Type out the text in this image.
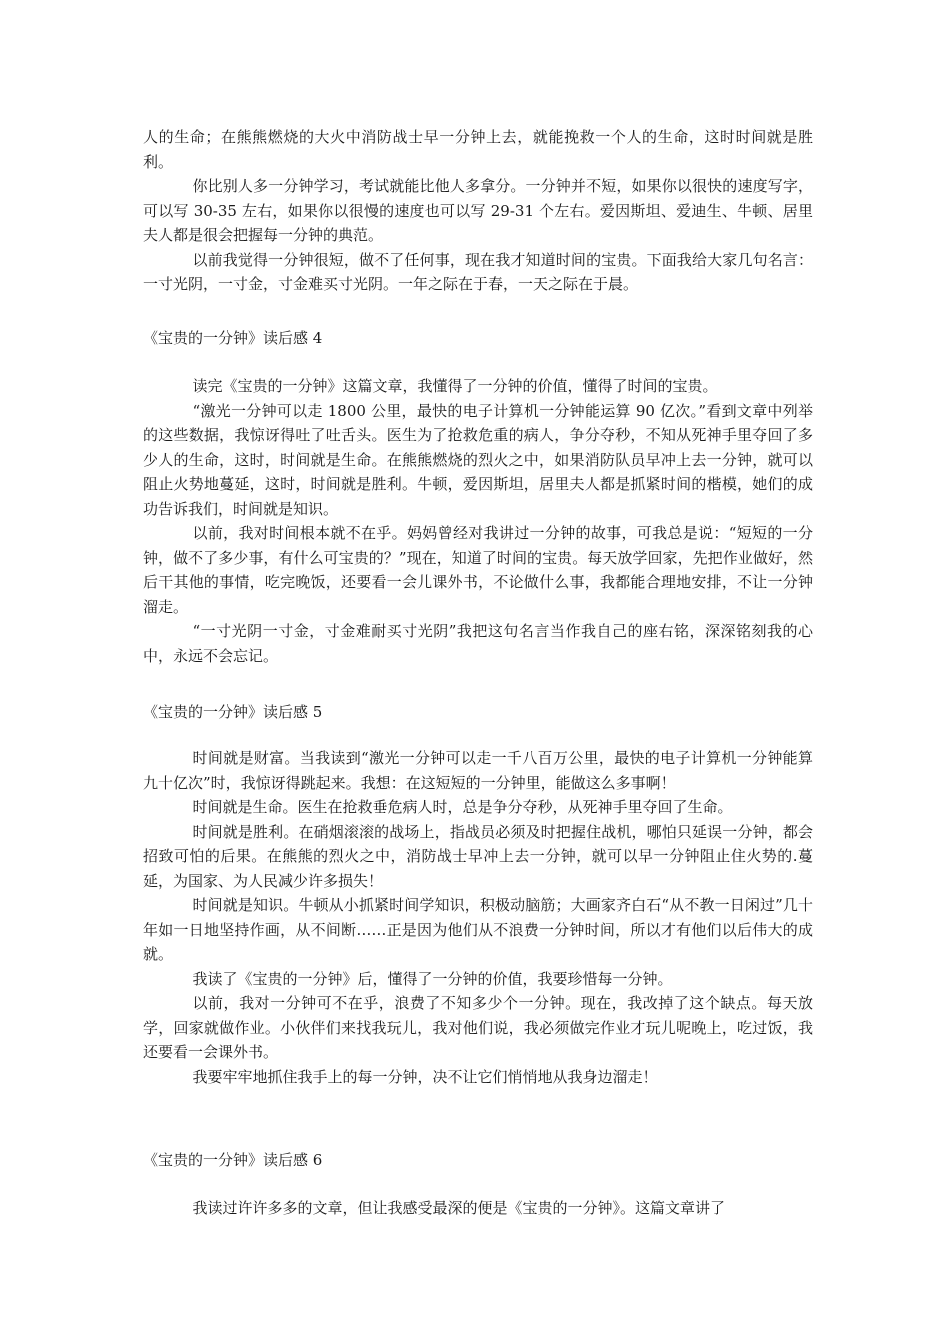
人的生命；在熊熊燃烧的大火中消防战士早一分钟上去，就能挽救一个人的生命，这时时间就是胜利。

你比别人多一分钟学习，考试就能比他人多拿分。一分钟并不短，如果你以很快的速度写字，可以写 30-35 左右，如果你以很慢的速度也可以写 29-31 个左右。爱因斯坦、爱迪生、牛顿、居里夫人都是很会把握每一分钟的典范。

以前我觉得一分钟很短，做不了任何事，现在我才知道时间的宝贵。下面我给大家几句名言：一寸光阴，一寸金，寸金难买寸光阴。一年之际在于春，一天之际在于晨。

《宝贵的一分钟》读后感 4

读完《宝贵的一分钟》这篇文章，我懂得了一分钟的价值，懂得了时间的宝贵。

“激光一分钟可以走 1800 公里，最快的电子计算机一分钟能运算 90 亿次。”看到文章中列举的这些数据，我惊讶得吐了吐舌头。医生为了抢救危重的病人，争分夺秒，不知从死神手里夺回了多少人的生命，这时，时间就是生命。在熊熊燃烧的烈火之中，如果消防队员早冲上去一分钟，就可以阻止火势地蔓延，这时，时间就是胜利。牛顿，爱因斯坦，居里夫人都是抓紧时间的楷模，她们的成功告诉我们，时间就是知识。

以前，我对时间根本就不在乎。妈妈曾经对我讲过一分钟的故事，可我总是说：“短短的一分钟，做不了多少事，有什么可宝贵的？”现在，知道了时间的宝贵。每天放学回家，先把作业做好，然后干其他的事情，吃完晚饭，还要看一会儿课外书，不论做什么事，我都能合理地安排，不让一分钟溜走。

“一寸光阴一寸金，寸金难耐买寸光阴”我把这句名言当作我自己的座右铭，深深铭刻我的心中，永远不会忘记。

《宝贵的一分钟》读后感 5

时间就是财富。当我读到“激光一分钟可以走一千八百万公里，最快的电子计算机一分钟能算九十亿次”时，我惊讶得跳起来。我想：在这短短的一分钟里，能做这么多事啊！

时间就是生命。医生在抢救垂危病人时，总是争分夺秒，从死神手里夺回了生命。

时间就是胜利。在硝烟滚滚的战场上，指战员必须及时把握住战机，哪怕只延误一分钟，都会招致可怕的后果。在熊熊的烈火之中，消防战士早冲上去一分钟，就可以早一分钟阻止住火势的.蔓延，为国家、为人民减少许多损失！

时间就是知识。牛顿从小抓紧时间学知识，积极动脑筋；大画家齐白石“从不教一日闲过”几十年如一日地坚持作画，从不间断……正是因为他们从不浪费一分钟时间，所以才有他们以后伟大的成就。

我读了《宝贵的一分钟》后，懂得了一分钟的价值，我要珍惜每一分钟。

以前，我对一分钟可不在乎，浪费了不知多少个一分钟。现在，我改掉了这个缺点。每天放学，回家就做作业。小伙伴们来找我玩儿，我对他们说，我必须做完作业才玩儿呢晚上，吃过饭，我还要看一会课外书。

我要牢牢地抓住我手上的每一分钟，决不让它们悄悄地从我身边溜走！

《宝贵的一分钟》读后感 6

我读过许许多多的文章，但让我感受最深的便是《宝贵的一分钟》。这篇文章讲了
